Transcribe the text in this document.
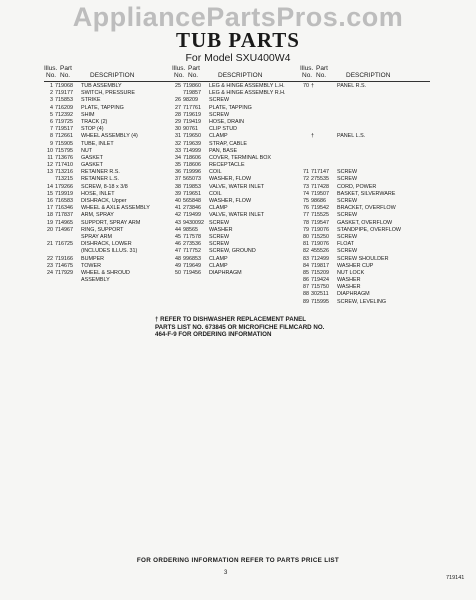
AppliancePartsPros.com
TUB PARTS
For Model SXU400W4
Illus. Part
No. No.	DESCRIPTION
1 719068 TUB ASSEMBLY
2 719177 SWITCH, PRESSURE
3 715853 STRIKE
4 716209 PLATE, TAPPING
5 712392 SHIM
6 719725 TRACK (2)
7 719517 STOP (4)
8 712661 WHEEL ASSEMBLY (4)
9 715905 TUBE, INLET
10 715795 NUT
11 713676 GASKET
12 717410 GASKET
13 713216 RETAINER R.S.
713215 RETAINER L.S.
14 179266 SCREW, 8-18 x 3/8
15 719919 HOSE, INLET
16 716583 DISHRACK, Upper
17 716346 WHEEL & AXLE ASSEMBLY
18 717837 ARM, SPRAY
19 714965 SUPPORT, SPRAY ARM
20 714967 RING, SUPPORT
SPRAY ARM
21 716725 DISHRACK, LOWER
(INCLUDES ILLUS. 31)
22 719166 BUMPER
23 714675 TOWER
24 717929 WHEEL & SHROUD
ASSEMBLY
Illus. Part
No. No.	DESCRIPTION
25 719860 LEG & HINGE ASSEMBLY L.H.
719857 LEG & HINGE ASSEMBLY R.H.
26 98209 SCREW
27 717761 PLATE, TAPPING
28 719619 SCREW
29 719419 HOSE, DRAIN
30 90761 CLIP STUD
31 719650 CLAMP
32 719639 STRAP, CABLE
33 714999 PAN, BASE
34 718606 COVER, TERMINAL BOX
35 718606 RECEPTACLE
36 719996 COIL
37 565073 WASHER, FLOW
38 719853 VALVE, WATER INLET
39 719651 COIL
40 565848 WASHER, FLOW
41 273846 CLAMP
42 719499 VALVE, WATER INLET
43 9430092 SCREW
44 98565 WASHER
45 717578 SCREW
46 273536 SCREW
47 717752 SCREW, GROUND
48 996853 CLAMP
49 719649 CLAMP
50 719456 DIAPHRAGM
Illus. Part
No. No.	DESCRIPTION
70 †	PANEL R.S.
†	PANEL L.S.
71 717147 SCREW
72 275535 SCREW
73 717428 CORD, POWER
74 719507 BASKET, SILVERWARE
75 98686 SCREW
76 719542 BRACKET, OVERFLOW
77 715525 SCREW
78 719547 GASKET, OVERFLOW
79 719076 STANDPIPE, OVERFLOW
80 715250 SCREW
81 719076 FLOAT
82 455526 SCREW
83 712499 SCREW SHOULDER
84 719817 WASHER CUP
85 715209 NUT LOCK
86 719424 WASHER
87 715750 WASHER
88 302511 DIAPHRAGM
89 715995 SCREW, LEVELING
† REFER TO DISHWASHER REPLACEMENT PANEL PARTS LIST NO. 673845 OR MICROFICHE FILMCARD NO. 464-F-9 FOR ORDERING INFORMATION
FOR ORDERING INFORMATION REFER TO PARTS PRICE LIST
3
719141
